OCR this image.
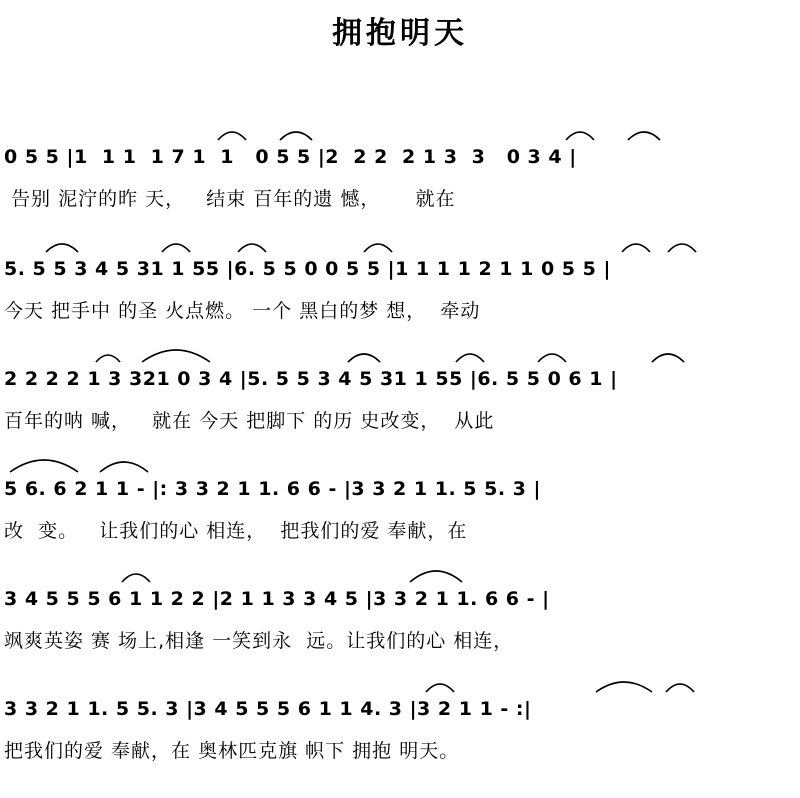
拥抱明天
0 5 5 |1  1 1  1 7 1  1   0 5 5 |2  2 2  2 1 3  3   0 3 4 |
告别 泥泞的昨 天，   结束 百年的遗 憾，     就在
5. 5 5 3 4 5 31 1 55 |6. 5 5 0 0 5 5 |1 1 1 1 2 1 1 0 5 5 |
今天 把手中 的圣 火点燃。 一个 黑白的梦 想，  牵动
2 2 2 2 1 3 321 0 3 4 |5. 5 5 3 4 5 31 1 55 |6. 5 5 0 6 1 |
百年的呐 喊，   就在 今天 把脚下 的历 史改变，  从此
5 6. 6 2 1 1 - |: 3 3 2 1 1. 6 6 - |3 3 2 1 1. 5 5. 3 |
改  变。   让我们的心 相连，  把我们的爱 奉献，在
3 4 5 5 5 6 1 1 2 2 |2 1 1 3 3 4 5 |3 3 2 1 1. 6 6 - |
飒爽英姿 赛 场上,相逢 一笑到永  远。让我们的心 相连，
3 3 2 1 1. 5 5. 3 |3 4 5 5 5 6 1 1 4. 3 |3 2 1 1 - :|
把我们的爱 奉献，在 奥林匹克旗 帜下 拥抱 明天。
